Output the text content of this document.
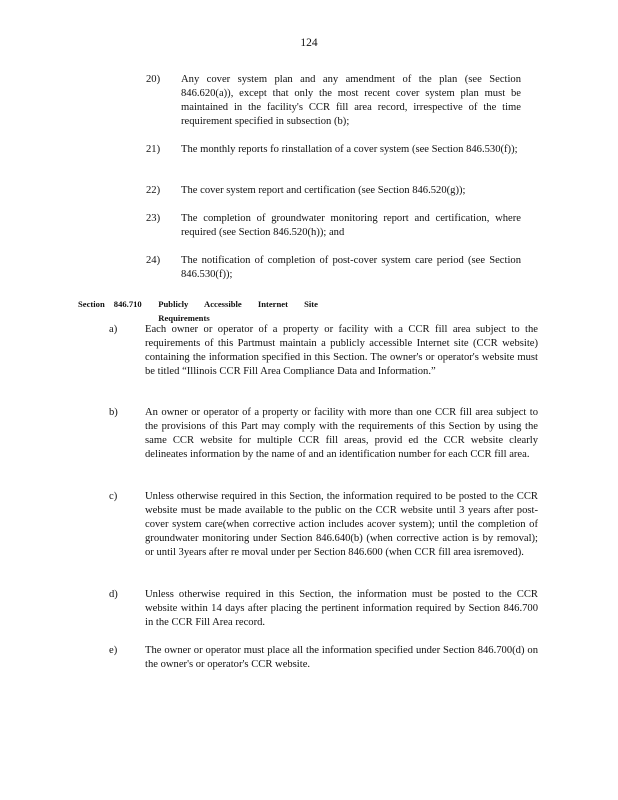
124
20) Any cover system plan and any amendment of the plan (see Section 846.620(a)), except that only the most recent cover system plan must be maintained in the facility's CCR fill area record, irrespective of the time requirement specified in subsection (b);
21) The monthly reports fo rinstallation of a cover system (see Section 846.530(f));
22) The cover system report and certification (see Section 846.520(g));
23) The completion of groundwater monitoring report and certification, where required (see Section 846.520(h)); and
24) The notification of completion of post-cover system care period (see Section 846.530(f));
Section	846.710	Publicly Accessible Internet Site Requirements
a)	Each owner or operator of a property or facility with a CCR fill area subject to the requirements of this Partmust maintain a publicly accessible Internet site (CCR website) containing the information specified in this Section. The owner's or operator's website must be titled “Illinois CCR Fill Area Compliance Data and Information.”
b)	An owner or operator of a property or facility with more than one CCR fill area subject to the provisions of this Part may comply with the requirements of this Section by using the same CCR website for multiple CCR fill areas, provid ed the CCR website clearly delineates information by the name of and an identification number for each CCR fill area.
c)	Unless otherwise required in this Section, the information required to be posted to the CCR website must be made available to the public on the CCR website until 3 years after post-cover system care(when corrective action includes acover system); until the completion of groundwater monitoring under Section 846.640(b) (when corrective action is by removal); or until 3years after re moval under per Section 846.600 (when CCR fill area isremoved).
d)	Unless otherwise required in this Section, the information must be posted to the CCR website within 14 days after placing the pertinent information required by Section 846.700 in the CCR Fill Area record.
e)	The owner or operator must place all the information specified under Section 846.700(d) on the owner's or operator's CCR website.
